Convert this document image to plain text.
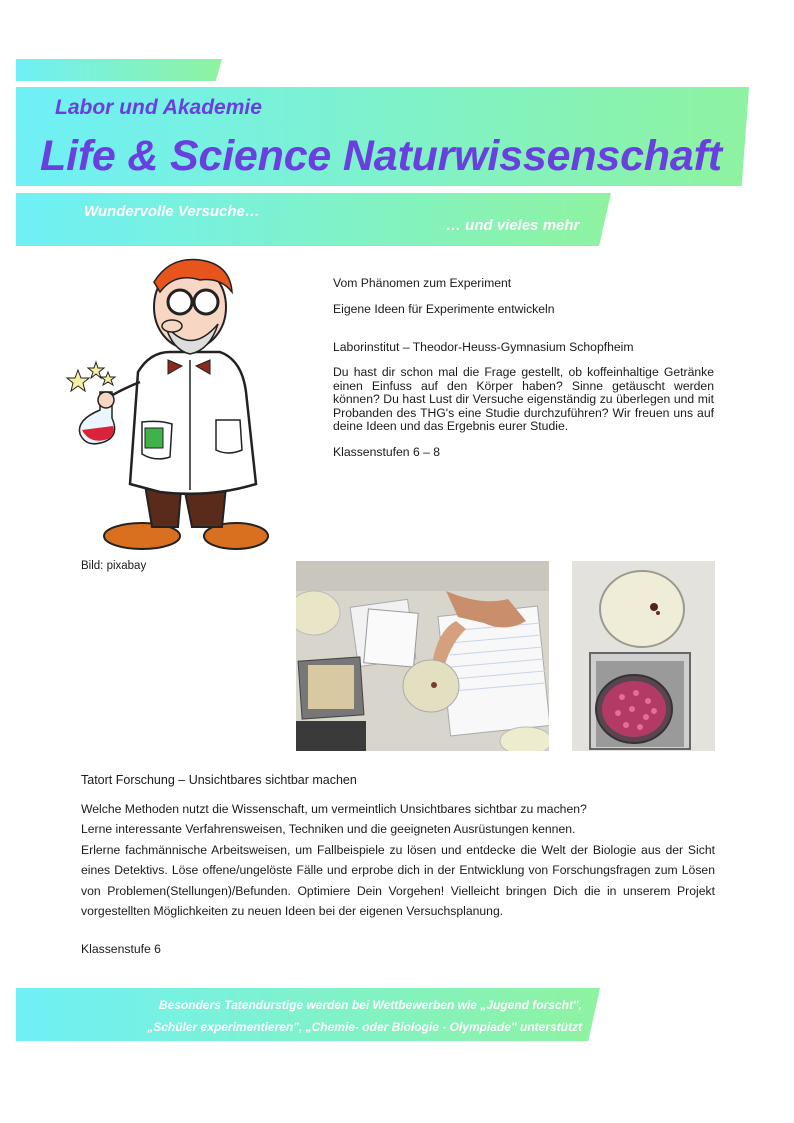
Labor und Akademie
Life & Science Naturwissenschaft
Wundervolle Versuche…
… und vieles mehr
Vom Phänomen zum Experiment
Eigene Ideen für Experimente entwickeln
Laborinstitut – Theodor-Heuss-Gymnasium Schopfheim
Du hast dir schon mal die Frage gestellt, ob koffeinhaltige Getränke einen Einfuss auf den Körper haben? Sinne getäuscht werden können? Du hast Lust dir Versuche eigenständig zu überlegen und mit Probanden des THG's eine Studie durchzuführen? Wir freuen uns auf deine Ideen und das Ergebnis eurer Studie.
Klassenstufen 6 – 8
Bild: pixabay
Tatort Forschung – Unsichtbares sichtbar machen

Welche Methoden nutzt die Wissenschaft, um vermeintlich Unsichtbares sichtbar zu machen?

Lerne interessante Verfahrensweisen, Techniken und die geeigneten Ausrüstungen kennen.

Erlerne fachmännische Arbeitsweisen, um Fallbeispiele zu lösen und entdecke die Welt der Biologie aus der Sicht eines Detektivs. Löse offene/ungelöste Fälle und erprobe dich in der Entwicklung von Forschungsfragen zum Lösen von Problemen(Stellungen)/Befunden. Optimiere Dein Vorgehen! Vielleicht bringen Dich die in unserem Projekt vorgestellten Möglichkeiten zu neuen Ideen bei der eigenen Versuchsplanung.

Klassenstufe 6
Besonders Tatendurstige werden bei Wettbewerben wie „Jugend forscht",
„Schüler experimentieren", „Chemie- oder Biologie - Olympiade" unterstützt
